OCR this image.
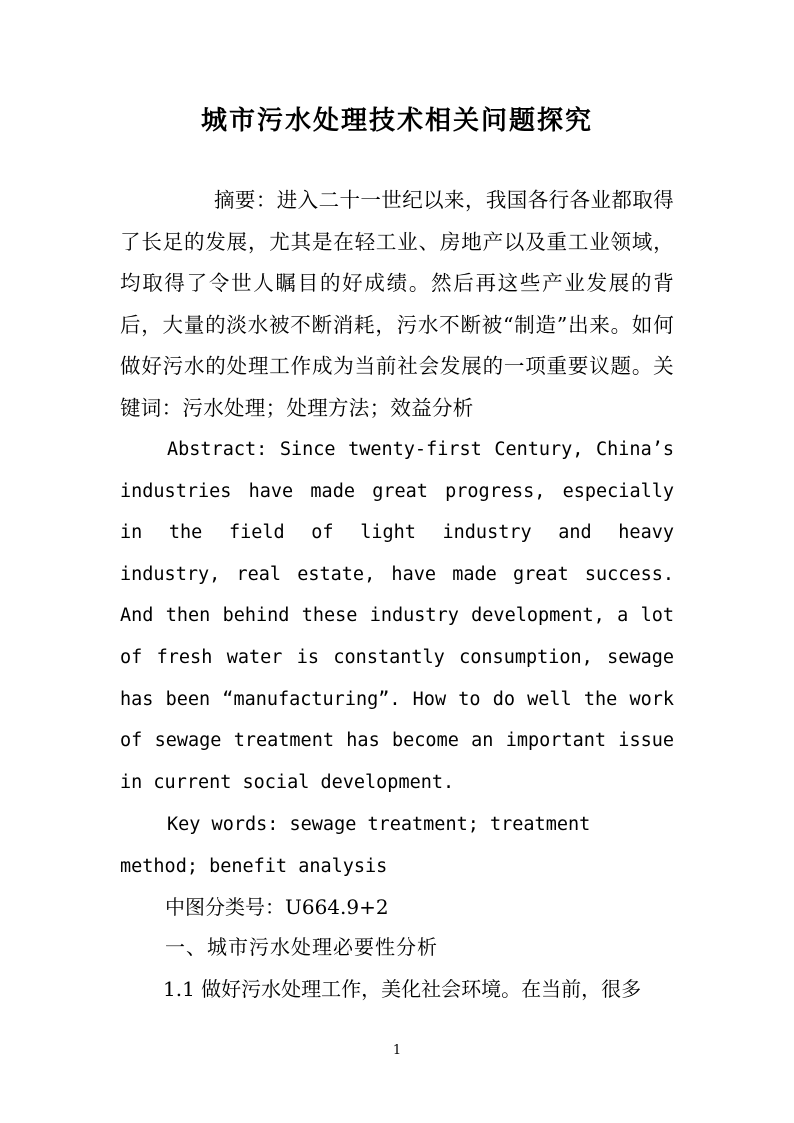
城市污水处理技术相关问题探究
摘要：进入二十一世纪以来，我国各行各业都取得了长足的发展，尤其是在轻工业、房地产以及重工业领域，均取得了令世人瞩目的好成绩。然后再这些产业发展的背后，大量的淡水被不断消耗，污水不断被“制造”出来。如何做好污水的处理工作成为当前社会发展的一项重要议题。关键词：污水处理；处理方法；效益分析
Abstract: Since twenty-first Century, China’s industries have made great progress, especially in the field of light industry and heavy industry, real estate, have made great success. And then behind these industry development, a lot of fresh water is constantly consumption, sewage has been “manufacturing”. How to do well the work of sewage treatment has become an important issue in current social development.
Key words: sewage treatment; treatment method; benefit analysis
中图分类号：U664.9+2
一、城市污水处理必要性分析
1.1 做好污水处理工作，美化社会环境。在当前，很多
1
